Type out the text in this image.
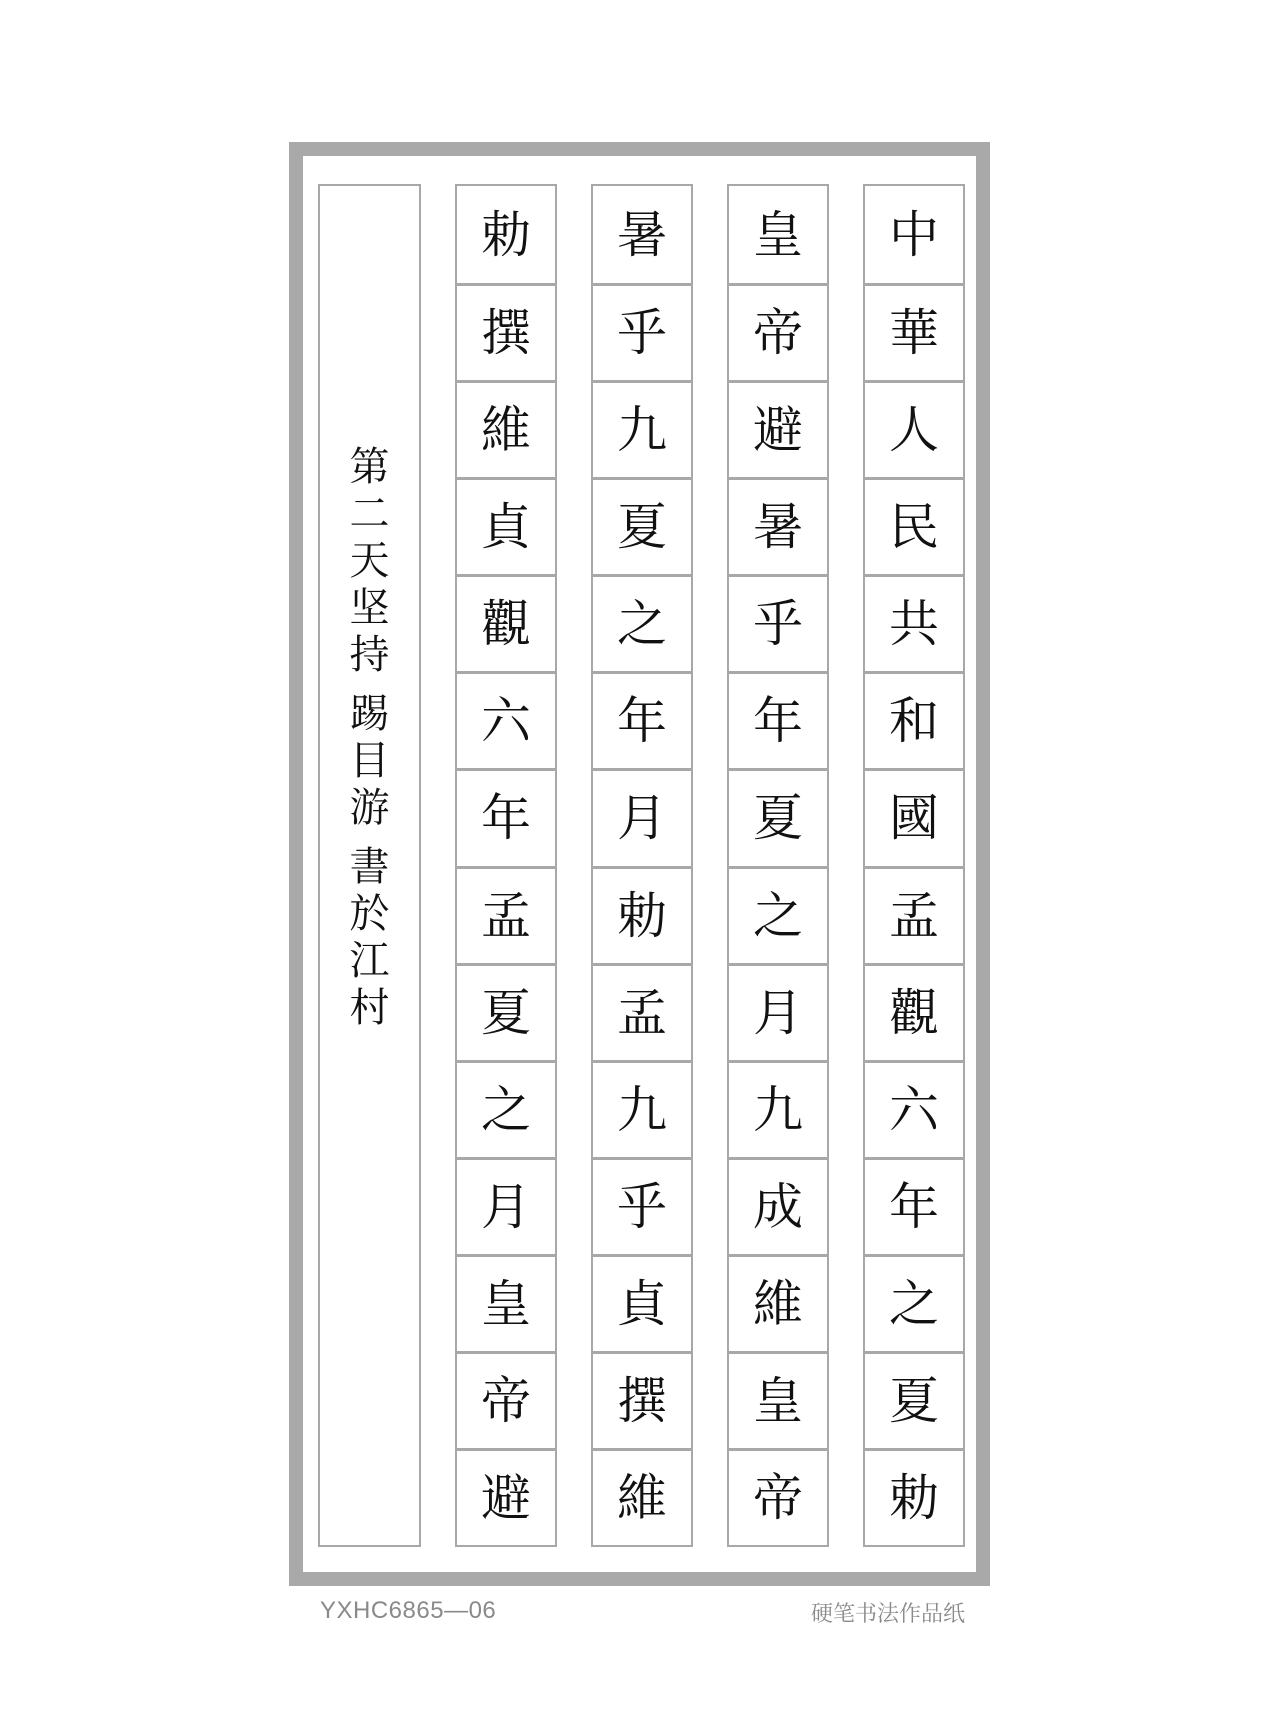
第
二
天
坚
持
踢
目
游
書
於
江
村
中
華
人
民
共
和
國
孟
觀
六
年
之
夏
勅
皇
帝
避
暑
乎
年
夏
之
月
九
成
維
皇
帝
暑
乎
九
夏
之
年
月
勅
孟
九
乎
貞
撰
維
勅
撰
維
貞
觀
六
年
孟
夏
之
月
皇
帝
避
YXHC6865—06	硬笔书法作品纸
